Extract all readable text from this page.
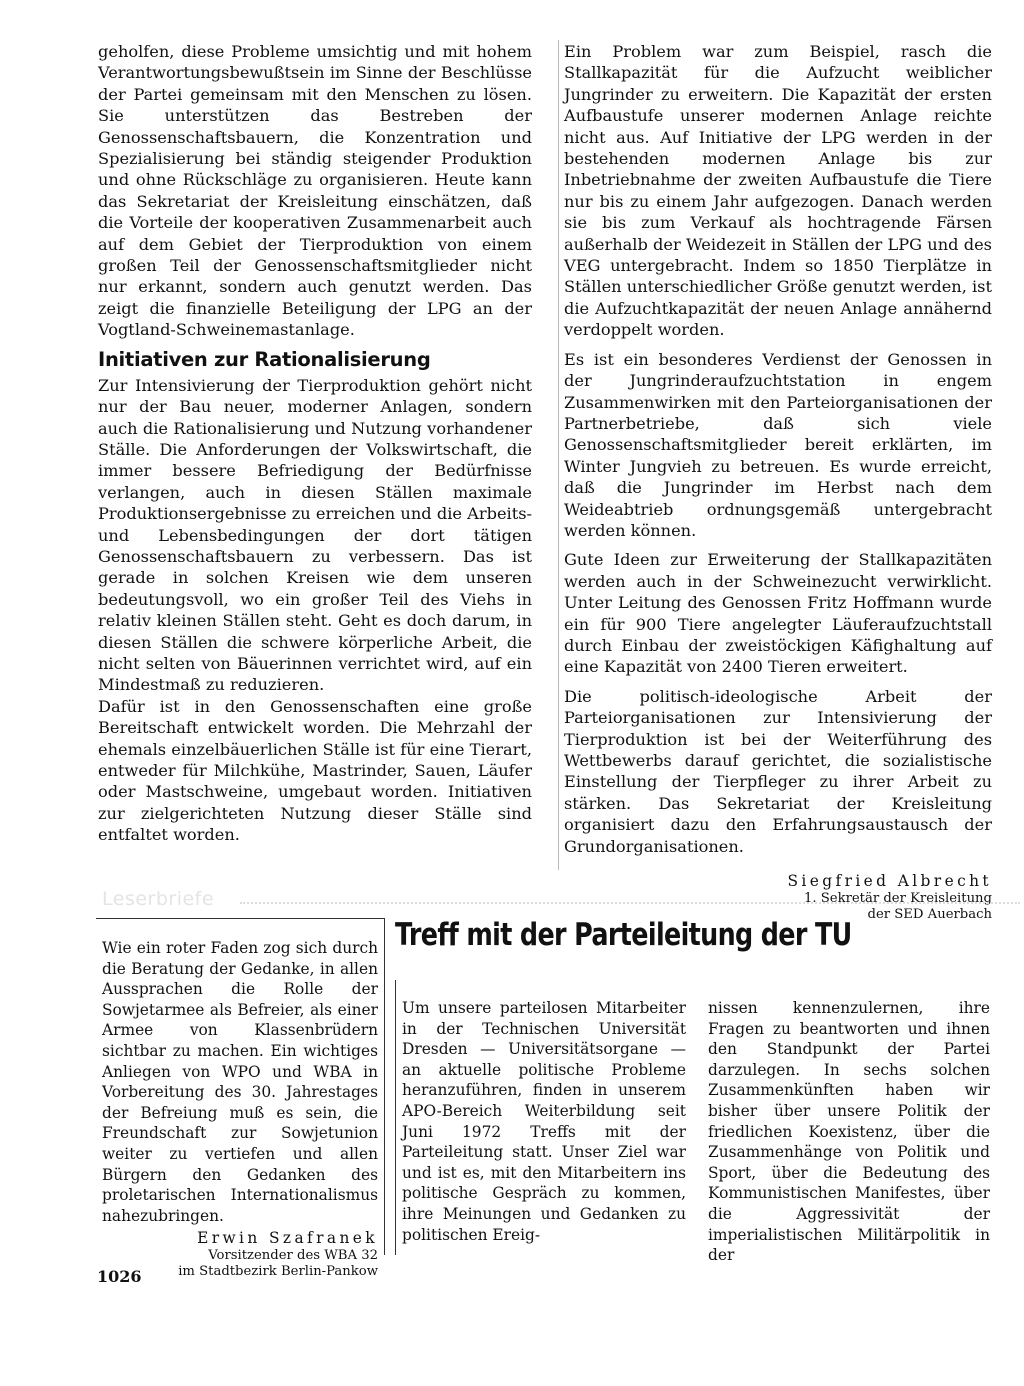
geholfen, diese Probleme umsichtig und mit hohem Verantwortungsbewußtsein im Sinne der Beschlüsse der Partei gemeinsam mit den Menschen zu lösen. Sie unterstützen das Bestreben der Genossenschaftsbauern, die Konzentration und Spezialisierung bei ständig steigender Produktion und ohne Rückschläge zu organisieren. Heute kann das Sekretariat der Kreisleitung einschätzen, daß die Vorteile der kooperativen Zusammenarbeit auch auf dem Gebiet der Tierproduktion von einem großen Teil der Genossenschaftsmitglieder nicht nur erkannt, sondern auch genutzt werden. Das zeigt die finanzielle Beteiligung der LPG an der Vogtland-Schweinemastanlage.

Initiativen zur Rationalisierung

Zur Intensivierung der Tierproduktion gehört nicht nur der Bau neuer, moderner Anlagen, sondern auch die Rationalisierung und Nutzung vorhandener Ställe. Die Anforderungen der Volkswirtschaft, die immer bessere Befriedigung der Bedürfnisse verlangen, auch in diesen Ställen maximale Produktionsergebnisse zu erreichen und die Arbeits- und Lebensbedingungen der dort tätigen Genossenschaftsbauern zu verbessern. Das ist gerade in solchen Kreisen wie dem unseren bedeutungsvoll, wo ein großer Teil des Viehs in relativ kleinen Ställen steht. Geht es doch darum, in diesen Ställen die schwere körperliche Arbeit, die nicht selten von Bäuerinnen verrichtet wird, auf ein Mindestmaß zu reduzieren.

Dafür ist in den Genossenschaften eine große Bereitschaft entwickelt worden. Die Mehrzahl der ehemals einzelbäuerlichen Ställe ist für eine Tierart, entweder für Milchkühe, Mastrinder, Sauen, Läufer oder Mastschweine, umgebaut worden. Initiativen zur zielgerichteten Nutzung dieser Ställe sind entfaltet worden.

Ein Problem war zum Beispiel, rasch die Stallkapazität für die Aufzucht weiblicher Jungrinder zu erweitern. Die Kapazität der ersten Aufbaustufe unserer modernen Anlage reichte nicht aus. Auf Initiative der LPG werden in der bestehenden modernen Anlage bis zur Inbetriebnahme der zweiten Aufbaustufe die Tiere nur bis zu einem Jahr aufgezogen. Danach werden sie bis zum Verkauf als hochtragende Färsen außerhalb der Weidezeit in Ställen der LPG und des VEG untergebracht. Indem so 1850 Tierplätze in Ställen unterschiedlicher Größe genutzt werden, ist die Aufzuchtkapazität der neuen Anlage annähernd verdoppelt worden.

Es ist ein besonderes Verdienst der Genossen in der Jungrinderaufzuchtstation in engem Zusammenwirken mit den Parteiorganisationen der Partnerbetriebe, daß sich viele Genossenschaftsmitglieder bereit erklärten, im Winter Jungvieh zu betreuen. Es wurde erreicht, daß die Jungrinder im Herbst nach dem Weideabtrieb ordnungsgemäß untergebracht werden können.

Gute Ideen zur Erweiterung der Stallkapazitäten werden auch in der Schweinezucht verwirklicht. Unter Leitung des Genossen Fritz Hoffmann wurde ein für 900 Tiere angelegter Läuferaufzuchtstall durch Einbau der zweistöckigen Käfighaltung auf eine Kapazität von 2400 Tieren erweitert.

Die politisch-ideologische Arbeit der Parteiorganisationen zur Intensivierung der Tierproduktion ist bei der Weiterführung des Wettbewerbs darauf gerichtet, die sozialistische Einstellung der Tierpfleger zu ihrer Arbeit zu stärken. Das Sekretariat der Kreisleitung organisiert dazu den Erfahrungsaustausch der Grundorganisationen.

Siegfried Albrecht
1. Sekretär der Kreisleitung
der SED Auerbach
Leserbriefe

Wie ein roter Faden zog sich durch die Beratung der Gedanke, in allen Aussprachen die Rolle der Sowjetarmee als Befreier, als einer Armee von Klassenbrüdern sichtbar zu machen. Ein wichtiges Anliegen von WPO und WBA in Vorbereitung des 30. Jahrestages der Befreiung muß es sein, die Freundschaft zur Sowjetunion weiter zu vertiefen und allen Bürgern den Gedanken des proletarischen Internationalismus nahezubringen.

Erwin Szafranek
Vorsitzender des WBA 32
im Stadtbezirk Berlin-Pankow
Treff mit der Parteileitung der TU

Um unsere parteilosen Mitarbeiter in der Technischen Universität Dresden — Universitätsorgane — an aktuelle politische Probleme heranzuführen, finden in unserem APO-Bereich Weiterbildung seit Juni 1972 Treffs mit der Parteileitung statt. Unser Ziel war und ist es, mit den Mitarbeitern ins politische Gespräch zu kommen, ihre Meinungen und Gedanken zu politischen Ereig-

nissen kennenzulernen, ihre Fragen zu beantworten und ihnen den Standpunkt der Partei darzulegen. In sechs solchen Zusammenkünften haben wir bisher über unsere Politik der friedlichen Koexistenz, über die Zusammenhänge von Politik und Sport, über die Bedeutung des Kommunistischen Manifestes, über die Aggressivität der imperialistischen Militärpolitik in der

1026
